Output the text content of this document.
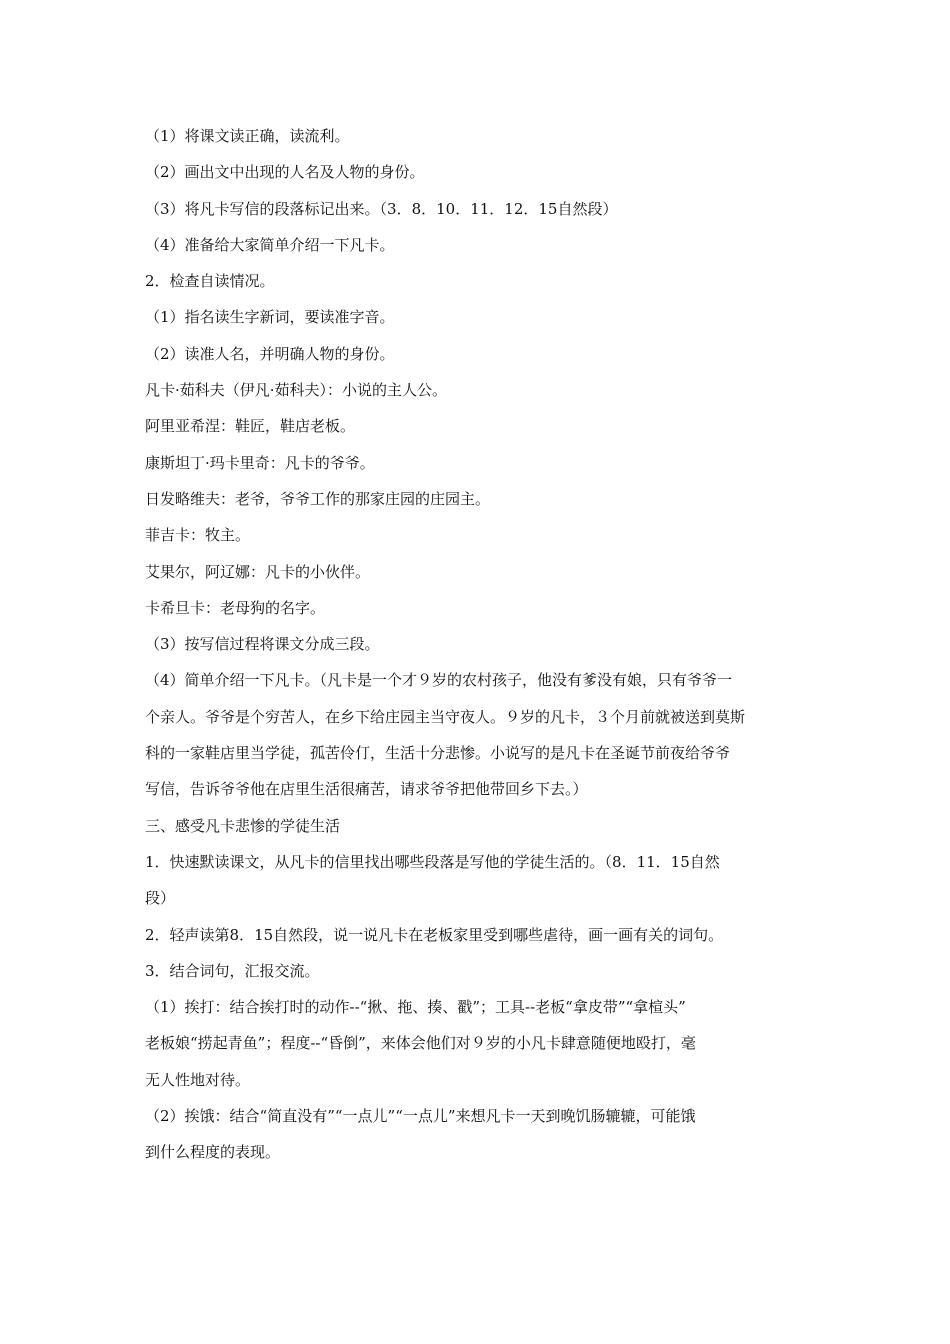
（1）将课文读正确，读流利。

（2）画出文中出现的人名及人物的身份。

（3）将凡卡写信的段落标记出来。（3．8．10．11．12．15自然段）

（4）准备给大家简单介绍一下凡卡。

2．检查自读情况。

（1）指名读生字新词，要读准字音。

（2）读准人名，并明确人物的身份。

凡卡·茹科夫（伊凡·茹科夫）：小说的主人公。

阿里亚希涅：鞋匠，鞋店老板。

康斯坦丁·玛卡里奇：凡卡的爷爷。

日发略维夫：老爷，爷爷工作的那家庄园的庄园主。

菲吉卡：牧主。

艾果尔，阿辽娜：凡卡的小伙伴。

卡希旦卡：老母狗的名字。

（3）按写信过程将课文分成三段。

（4）简单介绍一下凡卡。（凡卡是一个才９岁的农村孩子，他没有爹没有娘，只有爷爷一

个亲人。爷爷是个穷苦人，在乡下给庄园主当守夜人。９岁的凡卡，３个月前就被送到莫斯

科的一家鞋店里当学徒，孤苦伶仃，生活十分悲惨。小说写的是凡卡在圣诞节前夜给爷爷

写信，告诉爷爷他在店里生活很痛苦，请求爷爷把他带回乡下去。）

三、感受凡卡悲惨的学徒生活

1．快速默读课文，从凡卡的信里找出哪些段落是写他的学徒生活的。（8．11．15自然

段）

2．轻声读第8．15自然段，说一说凡卡在老板家里受到哪些虐待，画一画有关的词句。

3．结合词句，汇报交流。

（1）挨打：结合挨打时的动作--“揪、拖、揍、戳”；工具--老板“拿皮带”“拿楦头”

老板娘“捞起青鱼”；程度--“昏倒”，来体会他们对９岁的小凡卡肆意随便地殴打，毫

无人性地对待。

（2）挨饿：结合“简直没有”“一点儿”“一点儿”来想凡卡一天到晚饥肠辘辘，可能饿

到什么程度的表现。
